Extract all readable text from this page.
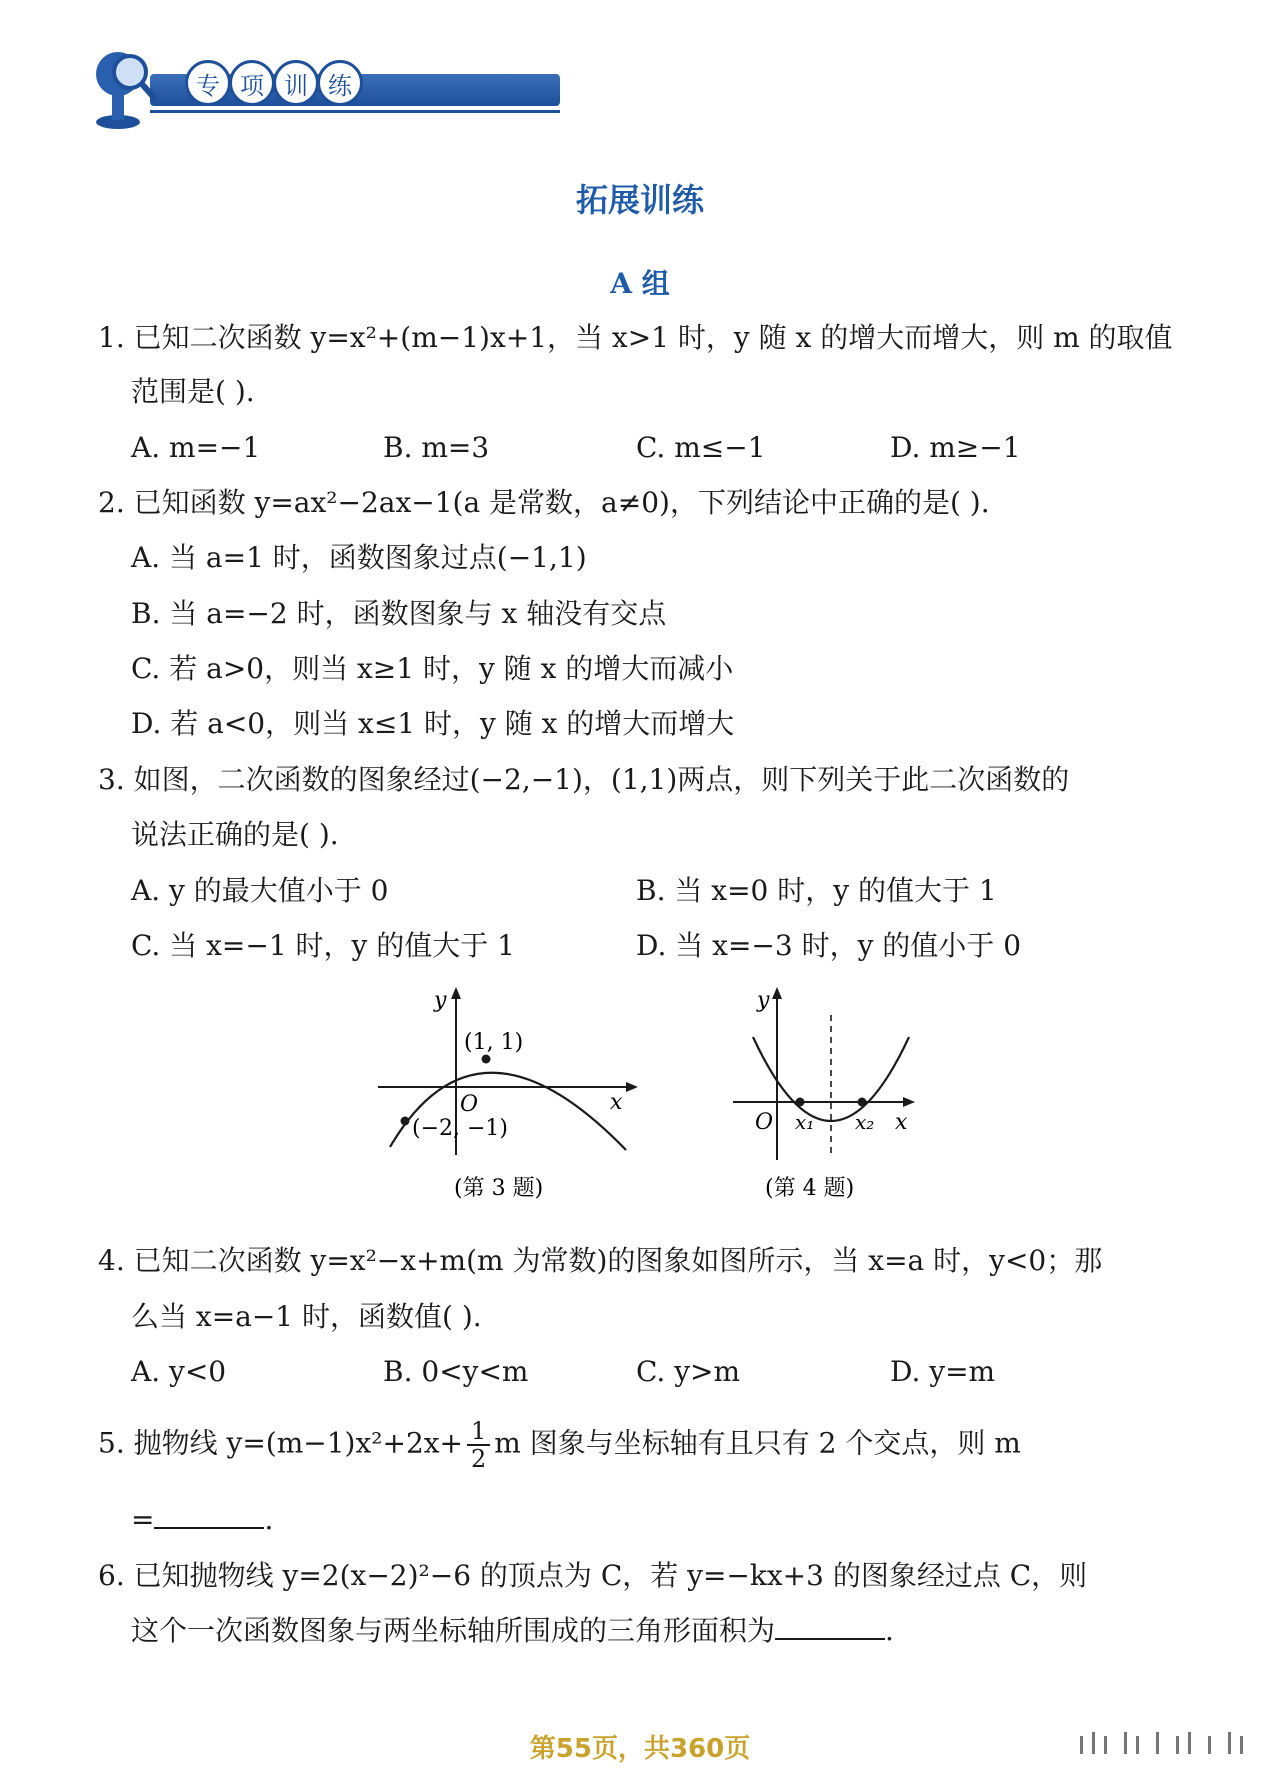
专 项 训 练
拓展训练
A 组
1. 已知二次函数 y=x²+(m−1)x+1，当 x>1 时，y 随 x 的增大而增大，则 m 的取值
范围是( ).
A. m=−1	B. m=3	C. m≤−1	D. m≥−1
2. 已知函数 y=ax²−2ax−1(a 是常数，a≠0)，下列结论中正确的是( ).
A. 当 a=1 时，函数图象过点(−1,1)
B. 当 a=−2 时，函数图象与 x 轴没有交点
C. 若 a>0，则当 x≥1 时，y 随 x 的增大而减小
D. 若 a<0，则当 x≤1 时，y 随 x 的增大而增大
3. 如图，二次函数的图象经过(−2,−1)，(1,1)两点，则下列关于此二次函数的
说法正确的是( ).
A. y 的最大值小于 0	B. 当 x=0 时，y 的值大于 1
C. 当 x=−1 时，y 的值大于 1	D. 当 x=−3 时，y 的值小于 0
y
x
O
(1, 1)
(−2, −1)
(第 3 题)
y
x
O x₁ x₂
(第 4 题)
4. 已知二次函数 y=x²−x+m(m 为常数)的图象如图所示，当 x=a 时，y<0；那
么当 x=a−1 时，函数值( ).
A. y<0	B. 0<y<m	C. y>m	D. y=m
5. 抛物线 $y=(m-1)x^2+2x+ \frac{1}{2}$ m 图象与坐标轴有且只有 2 个交点，则 m
=	.
6. 已知抛物线 y=2(x−2)²−6 的顶点为 C，若 y=−kx+3 的图象经过点 C，则
这个一次函数图象与两坐标轴所围成的三角形面积为	.
第55页，共360页
